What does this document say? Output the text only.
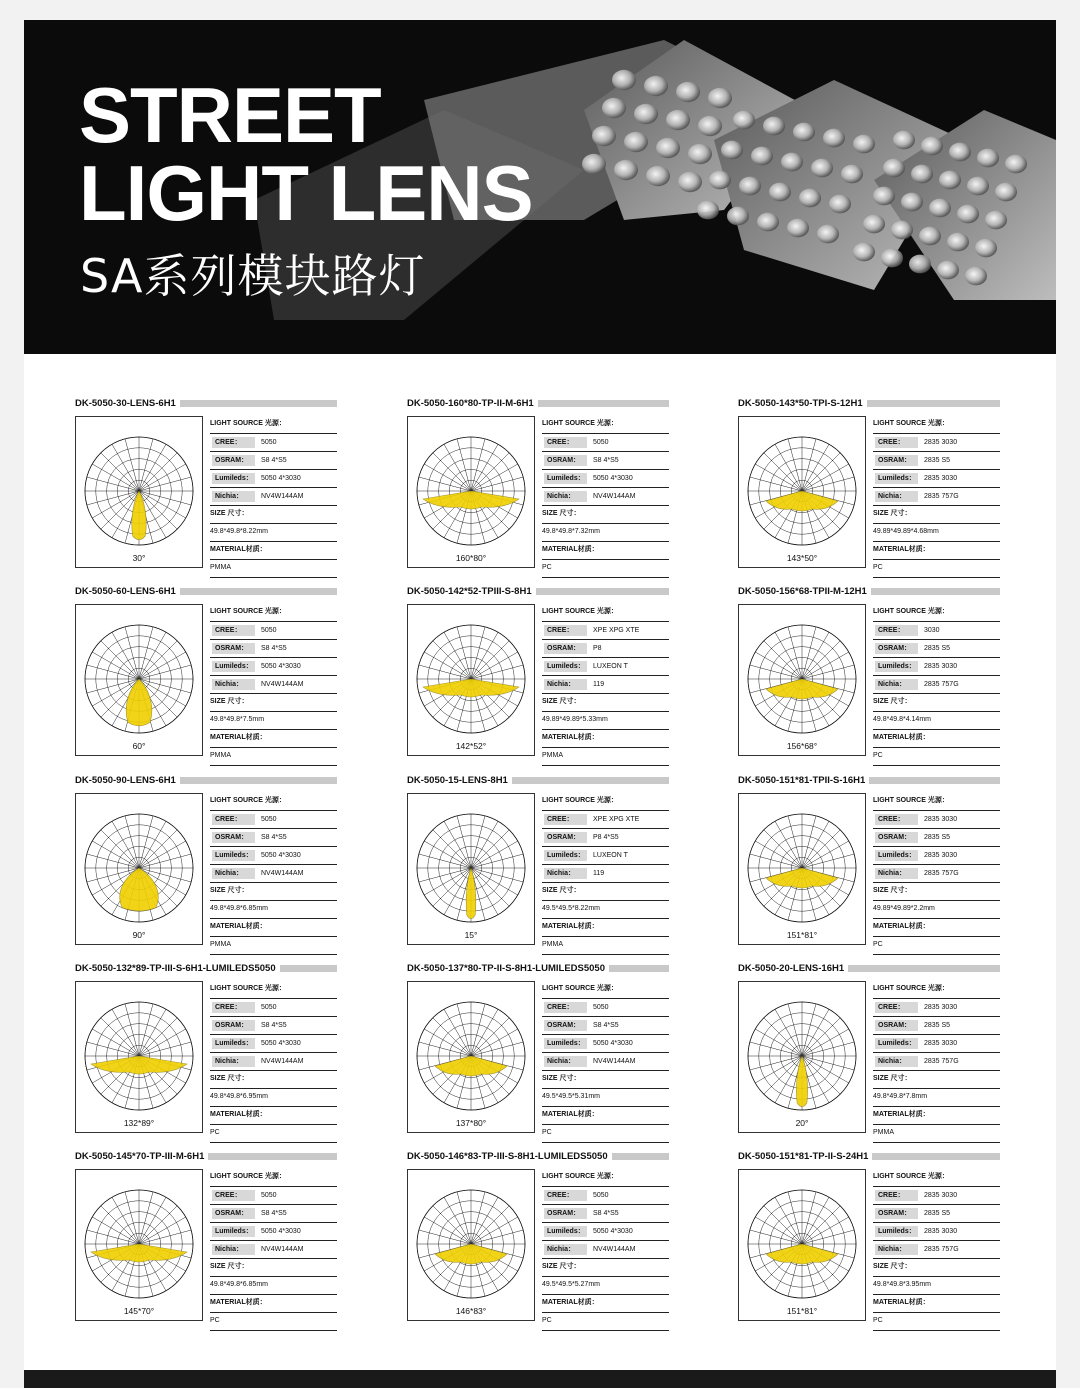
STREET
LIGHT LENS
SA系列模块路灯
DK-5050-30-LENS-6H1
30°
LIGHT SOURCE 光源：
CREE：	5050
OSRAM： S8 4*S5
Lumileds： 5050 4*3030
Nichia：	NV4W144AM
SIZE 尺寸：
49.8*49.8*8.22mm
MATERIAL材质：
PMMA
DK-5050-160*80-TP-II-M-6H1
160*80°
LIGHT SOURCE 光源：
CREE：	5050
OSRAM： S8 4*S5
Lumileds： 5050 4*3030
Nichia：	NV4W144AM
SIZE 尺寸：
49.8*49.8*7.32mm
MATERIAL材质：
PC
DK-5050-143*50-TPI-S-12H1
143*50°
LIGHT SOURCE 光源：
CREE：	2835 3030
OSRAM： 2835 S5
Lumileds： 2835 3030
Nichia：	2835 757G
SIZE 尺寸：
49.89*49.89*4.68mm
MATERIAL材质：
PC
DK-5050-60-LENS-6H1
60°
LIGHT SOURCE 光源：
CREE：	5050
OSRAM： S8 4*S5
Lumileds： 5050 4*3030
Nichia：	NV4W144AM
SIZE 尺寸：
49.8*49.8*7.5mm
MATERIAL材质：
PMMA
DK-5050-142*52-TPIII-S-8H1
142*52°
LIGHT SOURCE 光源：
CREE：	XPE XPG XTE
OSRAM： P8
Lumileds： LUXEON T
Nichia：	119
SIZE 尺寸：
49.89*49.89*5.33mm
MATERIAL材质：
PMMA
DK-5050-156*68-TPII-M-12H1
156*68°
LIGHT SOURCE 光源：
CREE：	3030
OSRAM： 2835 S5
Lumileds： 2835 3030
Nichia：	2835 757G
SIZE 尺寸：
49.8*49.8*4.14mm
MATERIAL材质：
PC
DK-5050-90-LENS-6H1
90°
LIGHT SOURCE 光源：
CREE：	5050
OSRAM： S8 4*S5
Lumileds： 5050 4*3030
Nichia：	NV4W144AM
SIZE 尺寸：
49.8*49.8*6.85mm
MATERIAL材质：
PMMA
DK-5050-15-LENS-8H1
15°
LIGHT SOURCE 光源：
CREE：	XPE XPG XTE
OSRAM： P8 4*S5
Lumileds： LUXEON T
Nichia：	119
SIZE 尺寸：
49.5*49.5*8.22mm
MATERIAL材质：
PMMA
DK-5050-151*81-TPII-S-16H1
151*81°
LIGHT SOURCE 光源：
CREE：	2835 3030
OSRAM： 2835 S5
Lumileds： 2835 3030
Nichia：	2835 757G
SIZE 尺寸：
49.89*49.89*2.2mm
MATERIAL材质：
PC
DK-5050-132*89-TP-III-S-6H1-LUMILEDS5050
132*89°
LIGHT SOURCE 光源：
CREE：	5050
OSRAM： S8 4*S5
Lumileds： 5050 4*3030
Nichia：	NV4W144AM
SIZE 尺寸：
49.8*49.8*6.95mm
MATERIAL材质：
PC
DK-5050-137*80-TP-II-S-8H1-LUMILEDS5050
137*80°
LIGHT SOURCE 光源：
CREE：	5050
OSRAM： S8 4*S5
Lumileds： 5050 4*3030
Nichia：	NV4W144AM
SIZE 尺寸：
49.5*49.5*5.31mm
MATERIAL材质：
PC
DK-5050-20-LENS-16H1
20°
LIGHT SOURCE 光源：
CREE：	2835 3030
OSRAM： 2835 S5
Lumileds： 2835 3030
Nichia：	2835 757G
SIZE 尺寸：
49.8*49.8*7.8mm
MATERIAL材质：
PMMA
DK-5050-145*70-TP-III-M-6H1
145*70°
LIGHT SOURCE 光源：
CREE：	5050
OSRAM： S8 4*S5
Lumileds： 5050 4*3030
Nichia：	NV4W144AM
SIZE 尺寸：
49.8*49.8*6.85mm
MATERIAL材质：
PC
DK-5050-146*83-TP-III-S-8H1-LUMILEDS5050
146*83°
LIGHT SOURCE 光源：
CREE：	5050
OSRAM： S8 4*S5
Lumileds： 5050 4*3030
Nichia：	NV4W144AM
SIZE 尺寸：
49.5*49.5*5.27mm
MATERIAL材质：
PC
DK-5050-151*81-TP-II-S-24H1
151*81°
LIGHT SOURCE 光源：
CREE：	2835 3030
OSRAM： 2835 S5
Lumileds： 2835 3030
Nichia：	2835 757G
SIZE 尺寸：
49.8*49.8*3.95mm
MATERIAL材质：
PC
